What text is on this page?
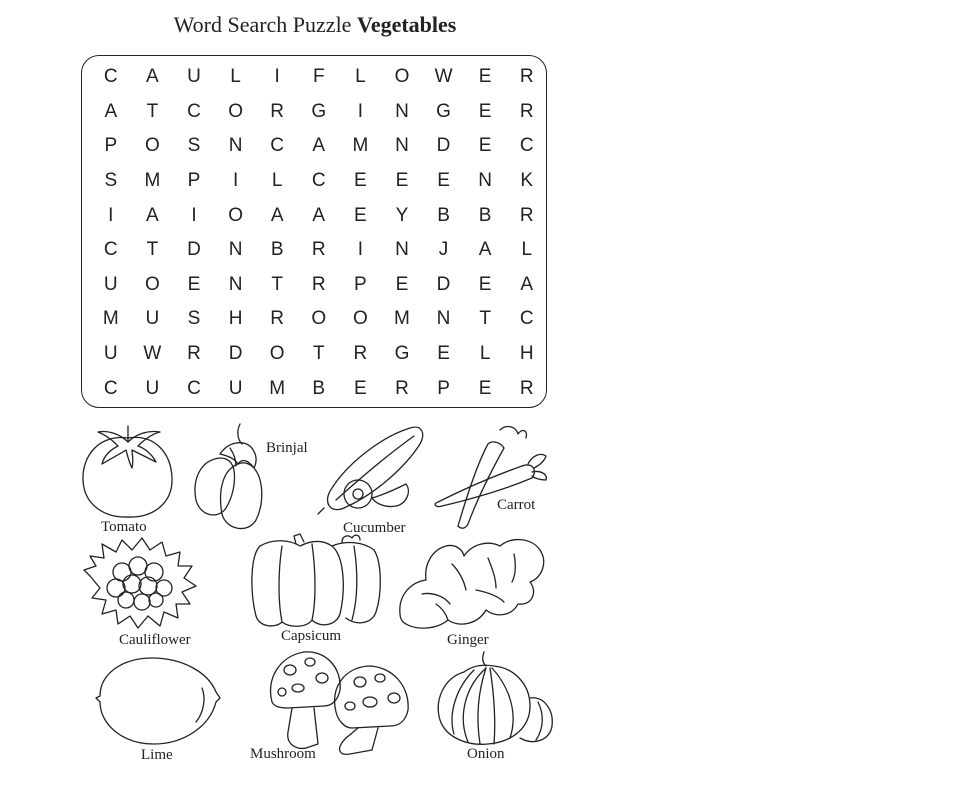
Word Search Puzzle Vegetables
C	A	U	L	I	F	L	O	W	E	R
A	T	C	O	R	G	I	N	G	E	R
P	O	S	N	C	A	M	N	D	E	C
S	M	P	I	L	C	E	E	E	N	K
I	A	I	O	A	A	E	Y	B	B	R
C	T	D	N	B	R	I	N	J	A	L
U	O	E	N	T	R	P	E	D	E	A
M	U	S	H	R	O	O	M	N	T	C
U	W	R	D	O	T	R	G	E	L	H
C	U	C	U	M	B	E	R	P	E	R
Tomato
Brinjal
Cucumber
Carrot
Cauliflower	Capsicum	Ginger
Lime	Mushroom	Onion
